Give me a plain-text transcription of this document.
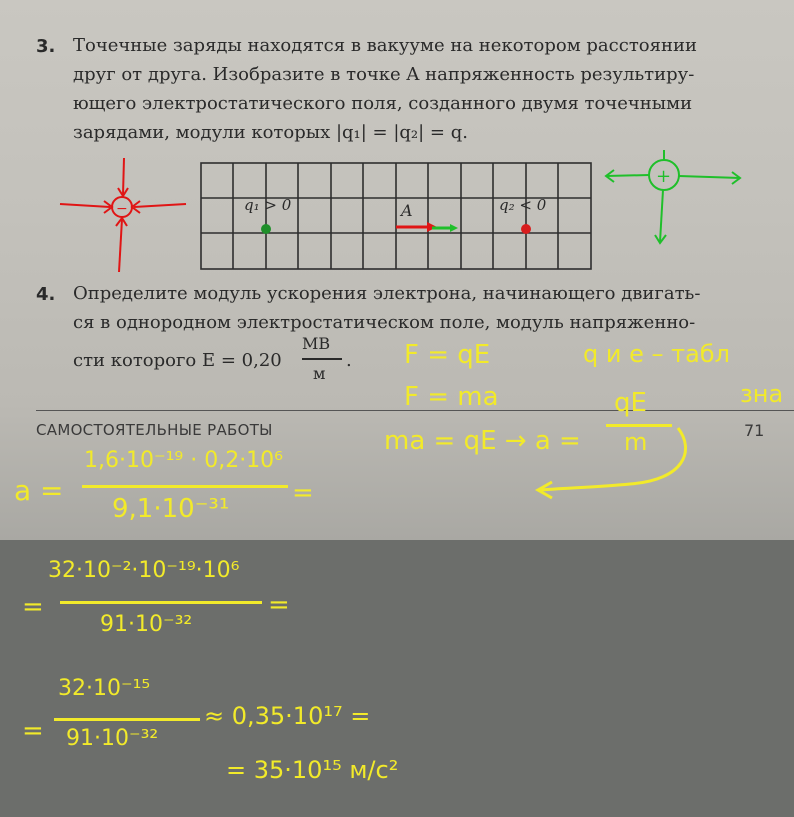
3. Точечные заряды находятся в вакууме на некотором расстоянии
друг от друга. Изобразите в точке A напряженность результиру-
ющего электростатического поля, созданного двумя точечными
зарядами, модули которых |q₁| = |q₂| = q.
q₁ > 0	q₂ < 0
A
−
+
4. Определите модуль ускорения электрона, начинающего двигать-
ся в однородном электростатическом поле, модуль напряженно-
сти которого E = 0,20
МВ
м
.
САМОСТОЯТЕЛЬНЫЕ РАБОТЫ	71
F = qE
F = ma
ma = qE → a =
qE
m
q и e – табл
зна
a =
1,6·10⁻¹⁹ · 0,2·10⁶
9,1·10⁻³¹
=
=
32·10⁻²·10⁻¹⁹·10⁶
91·10⁻³²
=
=
32·10⁻¹⁵
91·10⁻³²
≈ 0,35·10¹⁷ =
= 35·10¹⁵ м/с²
